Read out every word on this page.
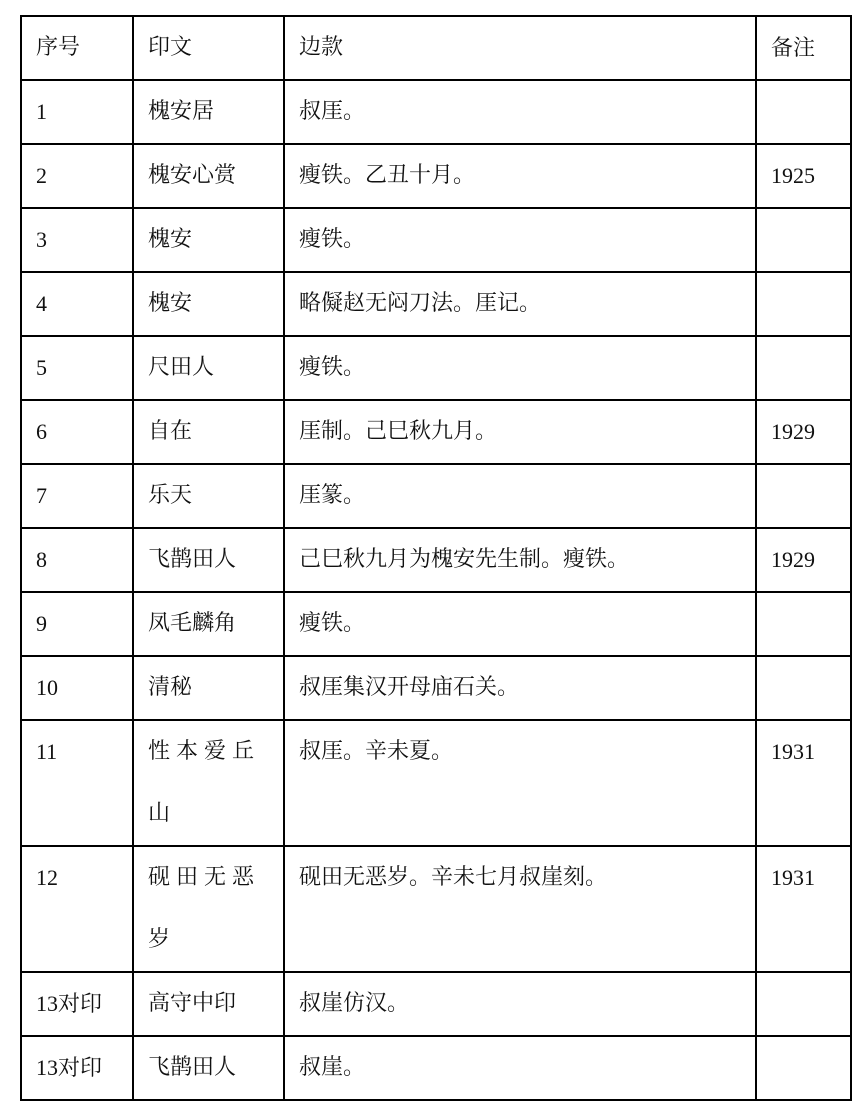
序号	印文	边款	备注
1	槐安居	叔厓。	
2	槐安心赏	瘦铁。乙丑十月。	1925
3	槐安	瘦铁。	
4	槐安	略儗赵无闷刀法。厓记。	
5	尺田人	瘦铁。	
6	自在	厓制。己巳秋九月。	1929
7	乐天	厓篆。	
8	飞鹊田人	己巳秋九月为槐安先生制。瘦铁。	1929
9	凤毛麟角	瘦铁。	
10	清秘	叔厓集汉开母庙石关。	
11	性本爱丘山	叔厓。辛未夏。	1931
12	砚田无恶岁	砚田无恶岁。辛未七月叔崖刻。	1931
13对印	高守中印	叔崖仿汉。	
13对印	飞鹊田人	叔崖。	
